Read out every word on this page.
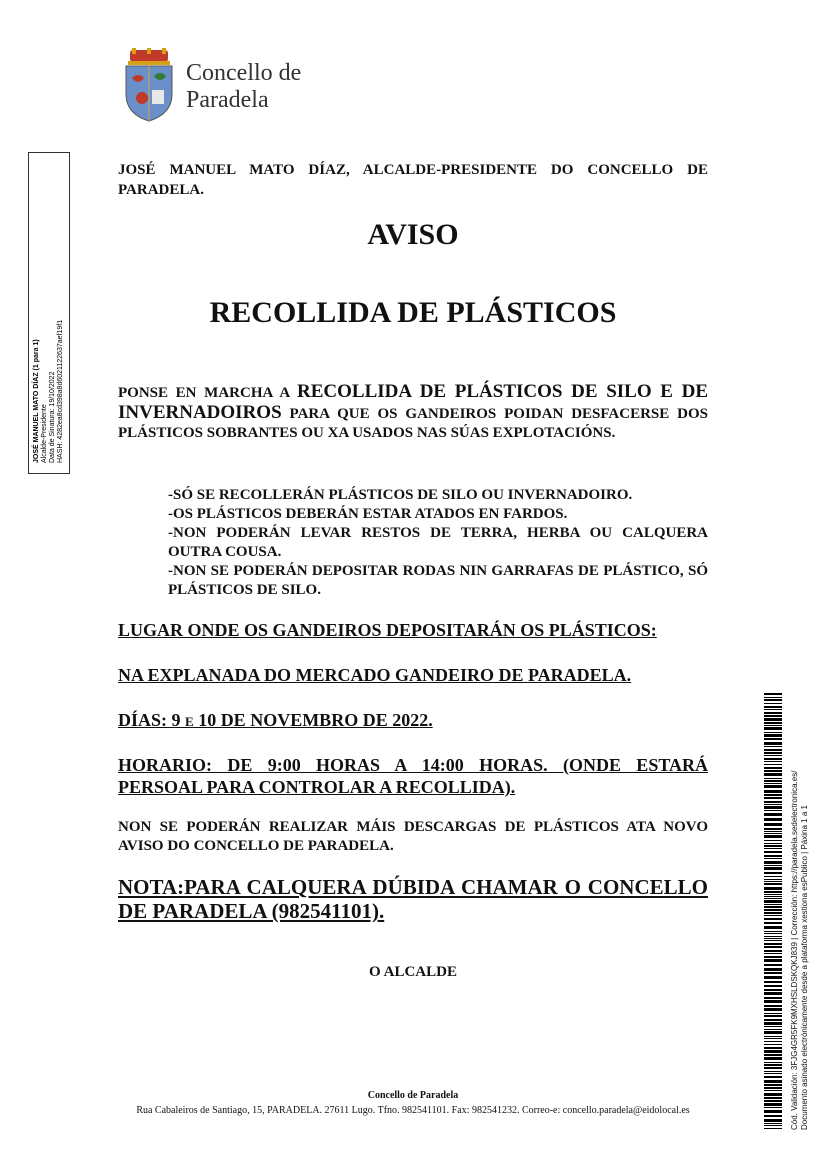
Concello de
Paradela
JOSÉ MANUEL MATO DÍAZ (1 para 1) Alcalde-Presidente Data de Sinatura: 19/10/2022 HASH: 4282ea8cd398a8d6021122637aef19f1
JOSÉ MANUEL MATO DÍAZ, ALCALDE-PRESIDENTE DO CONCELLO DE PARADELA.
AVISO
RECOLLIDA DE PLÁSTICOS
PONSE EN MARCHA A RECOLLIDA DE PLÁSTICOS DE SILO E DE INVERNADOIROS PARA QUE OS GANDEIROS POIDAN DESFACERSE DOS PLÁSTICOS SOBRANTES OU XA USADOS NAS SÚAS EXPLOTACIÓNS.
-SÓ SE RECOLLERÁN PLÁSTICOS DE SILO OU INVERNADOIRO.
-OS PLÁSTICOS DEBERÁN ESTAR ATADOS EN FARDOS.
-NON PODERÁN LEVAR RESTOS DE TERRA, HERBA OU CALQUERA OUTRA COUSA.
-NON SE PODERÁN DEPOSITAR RODAS NIN GARRAFAS DE PLÁSTICO, SÓ PLÁSTICOS DE SILO.
LUGAR ONDE OS GANDEIROS DEPOSITARÁN OS PLÁSTICOS:
NA EXPLANADA DO MERCADO GANDEIRO DE PARADELA.
DÍAS: 9 E 10 DE NOVEMBRO DE 2022.
HORARIO: DE 9:00 HORAS A 14:00 HORAS. (ONDE ESTARÁ PERSOAL PARA CONTROLAR A RECOLLIDA).
NON SE PODERÁN REALIZAR MÁIS DESCARGAS DE PLÁSTICOS ATA NOVO AVISO DO CONCELLO DE PARADELA.
NOTA:PARA CALQUERA DÚBIDA CHAMAR O CONCELLO DE PARADELA (982541101).
O ALCALDE
Concello de Paradela
Rua Cabaleiros de Santiago, 15, PARADELA. 27611 Lugo. Tfno. 982541101. Fax: 982541232. Correo-e: concello.paradela@eidolocal.es	Cód. Validación: 3FJG4GR5FK9MXHSLDSKQKJ839 | Corrección: https://paradela.sedelectronica.es/ Documento asinado electrónicamente desde a plataforma xestiona esPublico | Páxina 1 a 1
